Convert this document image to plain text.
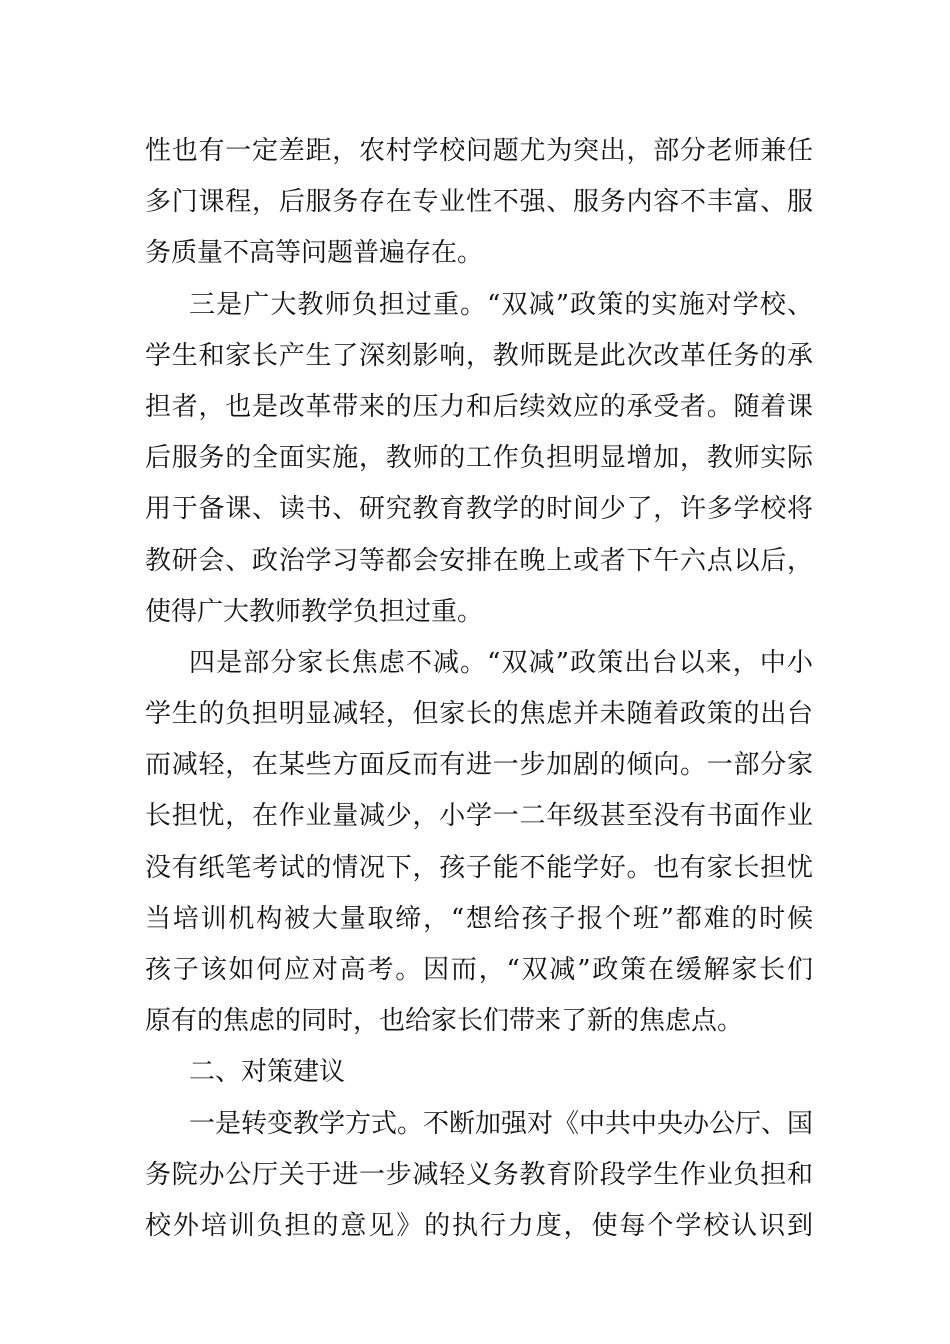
性也有一定差距，农村学校问题尤为突出，部分老师兼任
多门课程，后服务存在专业性不强、服务内容不丰富、服
务质量不高等问题普遍存在。
三是广大教师负担过重。“双减”政策的实施对学校、
学生和家长产生了深刻影响，教师既是此次改革任务的承
担者，也是改革带来的压力和后续效应的承受者。随着课
后服务的全面实施，教师的工作负担明显增加，教师实际
用于备课、读书、研究教育教学的时间少了，许多学校将
教研会、政治学习等都会安排在晚上或者下午六点以后，
使得广大教师教学负担过重。
四是部分家长焦虑不减。“双减”政策出台以来，中小
学生的负担明显减轻，但家长的焦虑并未随着政策的出台
而减轻，在某些方面反而有进一步加剧的倾向。一部分家
长担忧，在作业量减少，小学一二年级甚至没有书面作业
没有纸笔考试的情况下，孩子能不能学好。也有家长担忧
当培训机构被大量取缔，“想给孩子报个班”都难的时候
孩子该如何应对高考。因而，“双减”政策在缓解家长们
原有的焦虑的同时，也给家长们带来了新的焦虑点。
二、对策建议
一是转变教学方式。不断加强对《中共中央办公厅、国
务院办公厅关于进一步减轻义务教育阶段学生作业负担和
校外培训负担的意见》的执行力度，使每个学校认识到
